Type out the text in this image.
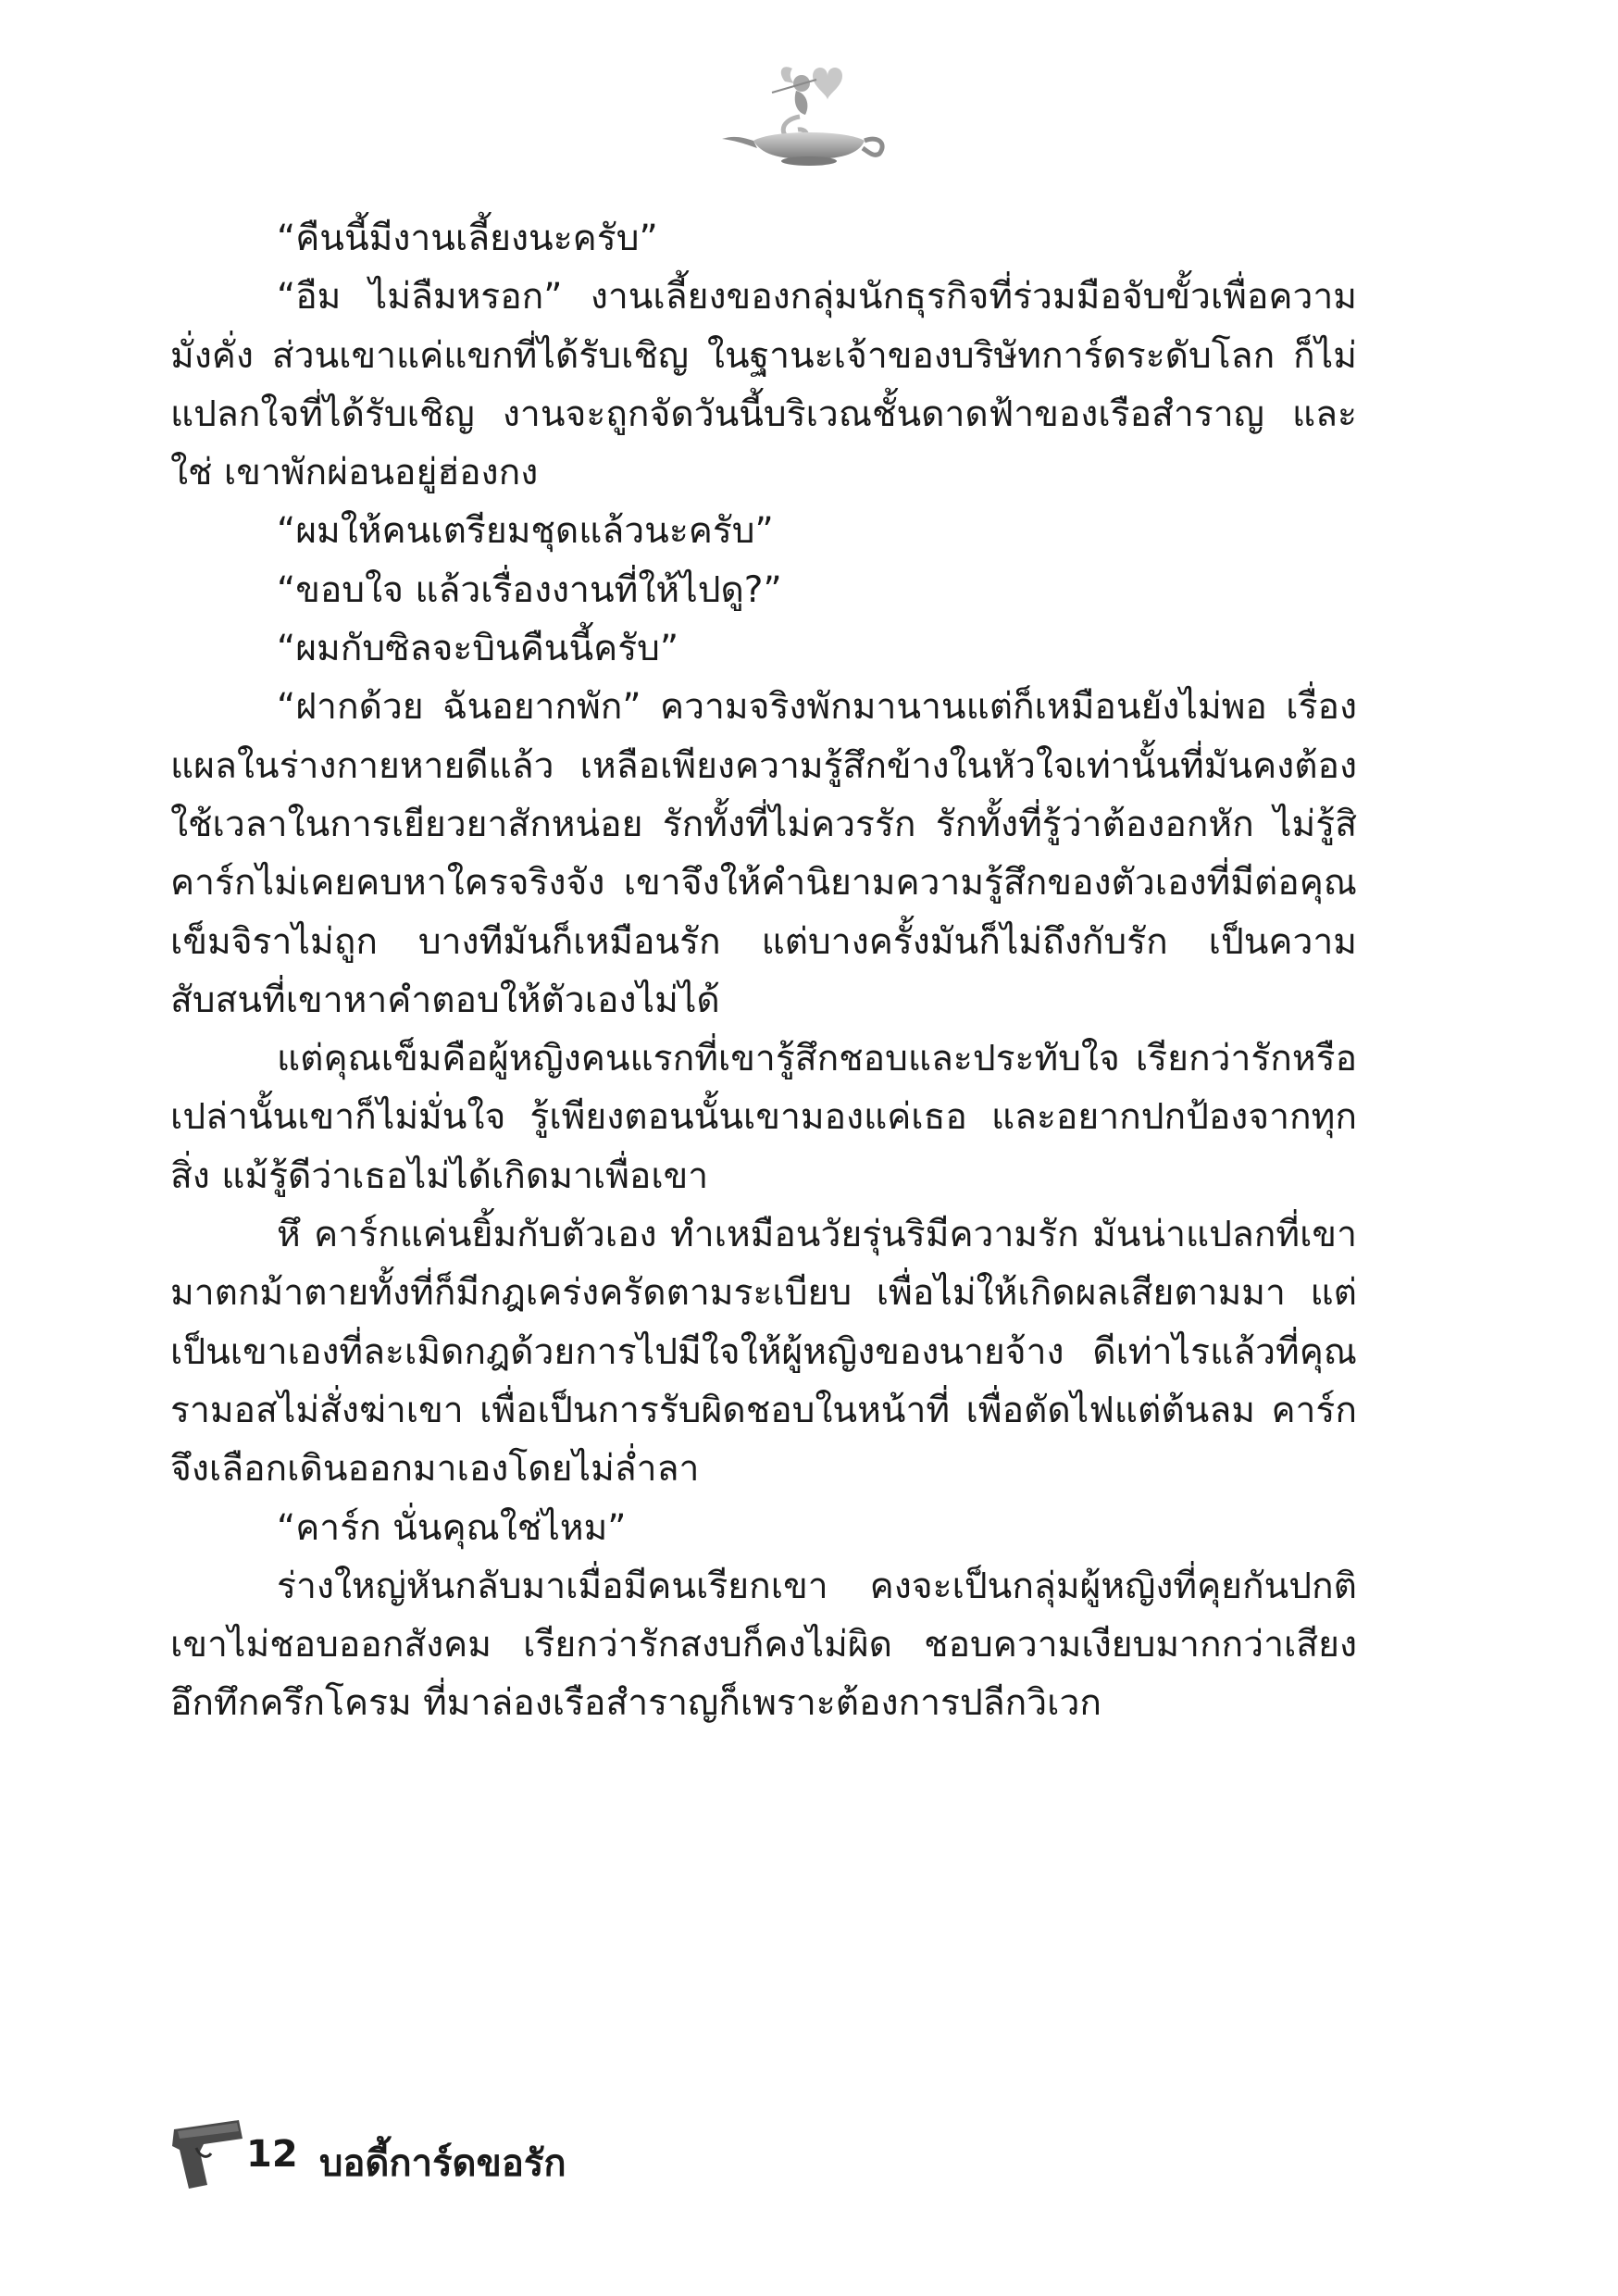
“คืนนี้มีงานเลี้ยงนะครับ”

“อืม ไม่ลืมหรอก” งานเลี้ยงของกลุ่มนักธุรกิจที่ร่วมมือจับขั้วเพื่อความมั่งคั่ง ส่วนเขาแค่แขกที่ได้รับเชิญ ในฐานะเจ้าของบริษัทการ์ดระดับโลก ก็ไม่แปลกใจที่ได้รับเชิญ งานจะถูกจัดวันนี้บริเวณชั้นดาดฟ้าของเรือสำราญ และใช่ เขาพักผ่อนอยู่ฮ่องกง

“ผมให้คนเตรียมชุดแล้วนะครับ”

“ขอบใจ แล้วเรื่องงานที่ให้ไปดู?”

“ผมกับซิลจะบินคืนนี้ครับ”

“ฝากด้วย ฉันอยากพัก” ความจริงพักมานานแต่ก็เหมือนยังไม่พอ เรื่องแผลในร่างกายหายดีแล้ว เหลือเพียงความรู้สึกข้างในหัวใจเท่านั้นที่มันคงต้องใช้เวลาในการเยียวยาสักหน่อย รักทั้งที่ไม่ควรรัก รักทั้งที่รู้ว่าต้องอกหัก ไม่รู้สิ คาร์กไม่เคยคบหาใครจริงจัง เขาจึงให้คำนิยามความรู้สึกของตัวเองที่มีต่อคุณเข็มจิราไม่ถูก บางทีมันก็เหมือนรัก แต่บางครั้งมันก็ไม่ถึงกับรัก เป็นความสับสนที่เขาหาคำตอบให้ตัวเองไม่ได้

แต่คุณเข็มคือผู้หญิงคนแรกที่เขารู้สึกชอบและประทับใจ เรียกว่ารักหรือเปล่านั้นเขาก็ไม่มั่นใจ รู้เพียงตอนนั้นเขามองแค่เธอ และอยากปกป้องจากทุกสิ่ง แม้รู้ดีว่าเธอไม่ได้เกิดมาเพื่อเขา

หึ คาร์กแค่นยิ้มกับตัวเอง ทำเหมือนวัยรุ่นริมีความรัก มันน่าแปลกที่เขามาตกม้าตายทั้งที่ก็มีกฎเคร่งครัดตามระเบียบ เพื่อไม่ให้เกิดผลเสียตามมา แต่เป็นเขาเองที่ละเมิดกฎด้วยการไปมีใจให้ผู้หญิงของนายจ้าง ดีเท่าไรแล้วที่คุณรามอสไม่สั่งฆ่าเขา เพื่อเป็นการรับผิดชอบในหน้าที่ เพื่อตัดไฟแต่ต้นลม คาร์กจึงเลือกเดินออกมาเองโดยไม่ล่ำลา

“คาร์ก นั่นคุณใช่ไหม”

ร่างใหญ่หันกลับมาเมื่อมีคนเรียกเขา คงจะเป็นกลุ่มผู้หญิงที่คุยกันปกติเขาไม่ชอบออกสังคม เรียกว่ารักสงบก็คงไม่ผิด ชอบความเงียบมากกว่าเสียงอึกทึกครึกโครม ที่มาล่องเรือสำราญก็เพราะต้องการปลีกวิเวก

12 บอดี้การ์ดขอรัก
